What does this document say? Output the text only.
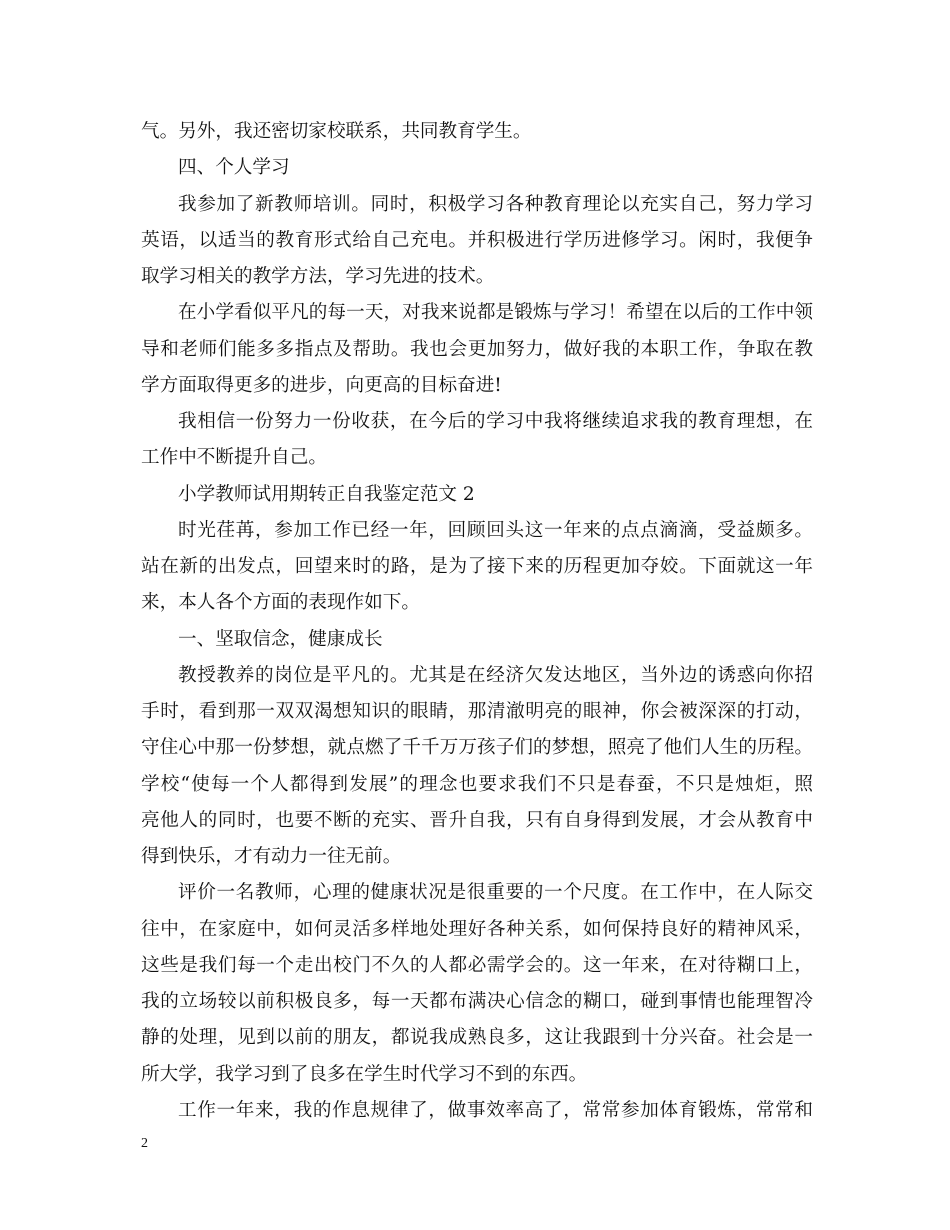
气。另外，我还密切家校联系，共同教育学生。
四、个人学习
我参加了新教师培训。同时，积极学习各种教育理论以充实自己，努力学习
英语，以适当的教育形式给自己充电。并积极进行学历进修学习。闲时，我便争
取学习相关的教学方法，学习先进的技术。
在小学看似平凡的每一天，对我来说都是锻炼与学习！希望在以后的工作中领
导和老师们能多多指点及帮助。我也会更加努力，做好我的本职工作，争取在教
学方面取得更多的进步，向更高的目标奋进!
我相信一份努力一份收获，在今后的学习中我将继续追求我的教育理想，在
工作中不断提升自己。
小学教师试用期转正自我鉴定范文 2
时光荏苒，参加工作已经一年，回顾回头这一年来的点点滴滴，受益颇多。
站在新的出发点，回望来时的路，是为了接下来的历程更加夺姣。下面就这一年
来，本人各个方面的表现作如下。
一、坚取信念，健康成长
教授教养的岗位是平凡的。尤其是在经济欠发达地区，当外边的诱惑向你招
手时，看到那一双双渴想知识的眼睛，那清澈明亮的眼神，你会被深深的打动，
守住心中那一份梦想，就点燃了千千万万孩子们的梦想，照亮了他们人生的历程。
学校“使每一个人都得到发展”的理念也要求我们不只是春蚕，不只是烛炬，照
亮他人的同时，也要不断的充实、晋升自我，只有自身得到发展，才会从教育中
得到快乐，才有动力一往无前。
评价一名教师，心理的健康状况是很重要的一个尺度。在工作中，在人际交
往中，在家庭中，如何灵活多样地处理好各种关系，如何保持良好的精神风采，
这些是我们每一个走出校门不久的人都必需学会的。这一年来，在对待糊口上，
我的立场较以前积极良多，每一天都布满决心信念的糊口，碰到事情也能理智冷
静的处理，见到以前的朋友，都说我成熟良多，这让我跟到十分兴奋。社会是一
所大学，我学习到了良多在学生时代学习不到的东西。
工作一年来，我的作息规律了，做事效率高了，常常参加体育锻炼，常常和
2
